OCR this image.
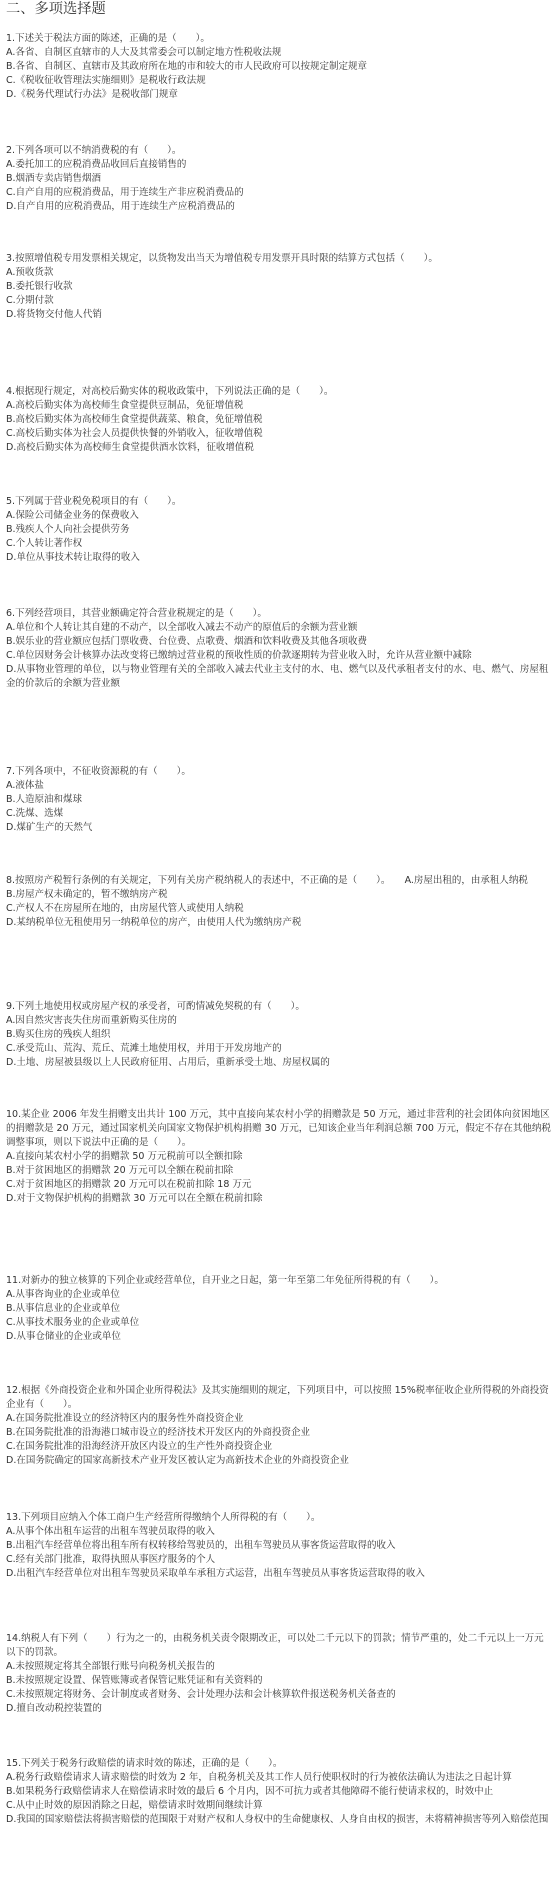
二、多项选择题

1.下述关于税法方面的陈述，正确的是（　　）。

A.各省、自制区直辖市的人大及其常委会可以制定地方性税收法规

B.各省、自制区、直辖市及其政府所在地的市和较大的市人民政府可以按规定制定规章

C.《税收征收管理法实施细则》是税收行政法规

D.《税务代理试行办法》是税收部门规章

2.下列各项可以不纳消费税的有（　　）。

A.委托加工的应税消费品收回后直接销售的

B.烟酒专卖店销售烟酒

C.自产自用的应税消费品，用于连续生产非应税消费品的

D.自产自用的应税消费品，用于连续生产应税消费品的

3.按照增值税专用发票相关规定，以货物发出当天为增值税专用发票开具时限的结算方式包括（　　）。

A.预收货款

B.委托银行收款

C.分期付款

D.将货物交付他人代销

4.根据现行规定，对高校后勤实体的税收政策中，下列说法正确的是（　　）。

A.高校后勤实体为高校师生食堂提供豆制品，免征增值税

B.高校后勤实体为高校师生食堂提供蔬菜、粮食，免征增值税

C.高校后勤实体为社会人员提供快餐的外销收入，征收增值税

D.高校后勤实体为高校师生食堂提供酒水饮料，征收增值税

5.下列属于营业税免税项目的有（　　）。

A.保险公司储金业务的保费收入

B.残疾人个人向社会提供劳务

C.个人转让著作权

D.单位从事技术转让取得的收入

6.下列经营项目，其营业额确定符合营业税规定的是（　　）。

A.单位和个人转让其自建的不动产，以全部收入减去不动产的原值后的余额为营业额

B.娱乐业的营业额应包括门票收费、台位费、点歌费、烟酒和饮料收费及其他各项收费

C.单位因财务会计核算办法改变将已缴纳过营业税的预收性质的价款逐期转为营业收入时，允许从营业额中减除

D.从事物业管理的单位，以与物业管理有关的全部收入减去代业主支付的水、电、燃气以及代承租者支付的水、电、燃气、房屋租金的价款后的余额为营业额

7.下列各项中，不征收资源税的有（　　）。

A.液体盐

B.人造原油和煤球

C.洗煤、选煤

D.煤矿生产的天然气

8.按照房产税暂行条例的有关规定，下列有关房产税纳税人的表述中，不正确的是（　　）。　　A.房屋出租的，由承租人纳税

B.房屋产权未确定的，暂不缴纳房产税

C.产权人不在房屋所在地的，由房屋代管人或使用人纳税

D.某纳税单位无租使用另一纳税单位的房产，由使用人代为缴纳房产税

9.下列土地使用权或房屋产权的承受者，可酌情减免契税的有（　　）。

A.因自然灾害丧失住房而重新购买住房的

B.购买住房的残疾人组织

C.承受荒山、荒沟、荒丘、荒滩土地使用权，并用于开发房地产的

D.土地、房屋被县级以上人民政府征用、占用后，重新承受土地、房屋权属的

10.某企业 2006 年发生捐赠支出共计 100 万元，其中直接向某农村小学的捐赠款是 50 万元，通过非营利的社会团体向贫困地区的捐赠款是 20 万元，通过国家机关向国家文物保护机构捐赠 30 万元，已知该企业当年利润总额 700 万元，假定不存在其他纳税调整事项，则以下说法中正确的是（　　）。

A.直接向某农村小学的捐赠款 50 万元税前可以全额扣除

B.对于贫困地区的捐赠款 20 万元可以全额在税前扣除

C.对于贫困地区的捐赠款 20 万元可以在税前扣除 18 万元

D.对于文物保护机构的捐赠款 30 万元可以在全额在税前扣除

11.对新办的独立核算的下列企业或经营单位，自开业之日起，第一年至第二年免征所得税的有（　　）。

A.从事咨询业的企业或单位

B.从事信息业的企业或单位

C.从事技术服务业的企业或单位

D.从事仓储业的企业或单位

12.根据《外商投资企业和外国企业所得税法》及其实施细则的规定，下列项目中，可以按照 15%税率征收企业所得税的外商投资企业有（　　）。

A.在国务院批准设立的经济特区内的服务性外商投资企业

B.在国务院批准的沿海港口城市设立的经济技术开发区内的外商投资企业

C.在国务院批准的沿海经济开放区内设立的生产性外商投资企业

D.在国务院确定的国家高新技术产业开发区被认定为高新技术企业的外商投资企业

13.下列项目应纳入个体工商户生产经营所得缴纳个人所得税的有（　　）。

A.从事个体出租车运营的出租车驾驶员取得的收入

B.出租汽车经营单位将出租车所有权转移给驾驶员的，出租车驾驶员从事客货运营取得的收入

C.经有关部门批准，取得执照从事医疗服务的个人

D.出租汽车经营单位对出租车驾驶员采取单车承租方式运营，出租车驾驶员从事客货运营取得的收入

14.纳税人有下列（　　）行为之一的，由税务机关责令限期改正，可以处二千元以下的罚款；情节严重的，处二千元以上一万元以下的罚款。

A.未按照规定将其全部银行账号向税务机关报告的

B.未按照规定设置、保管账簿或者保管记账凭证和有关资料的

C.未按照规定将财务、会计制度或者财务、会计处理办法和会计核算软件报送税务机关备查的

D.擅自改动税控装置的

15.下列关于税务行政赔偿的请求时效的陈述，正确的是（　　）。

A.税务行政赔偿请求人请求赔偿的时效为 2 年，自税务机关及其工作人员行使职权时的行为被依法确认为违法之日起计算

B.如果税务行政赔偿请求人在赔偿请求时效的最后 6 个月内，因不可抗力或者其他障碍不能行使请求权的，时效中止

C.从中止时效的原因消除之日起，赔偿请求时效期间继续计算

D.我国的国家赔偿法将损害赔偿的范围限于对财产权和人身权中的生命健康权、人身自由权的损害，未将精神损害等列入赔偿范围
